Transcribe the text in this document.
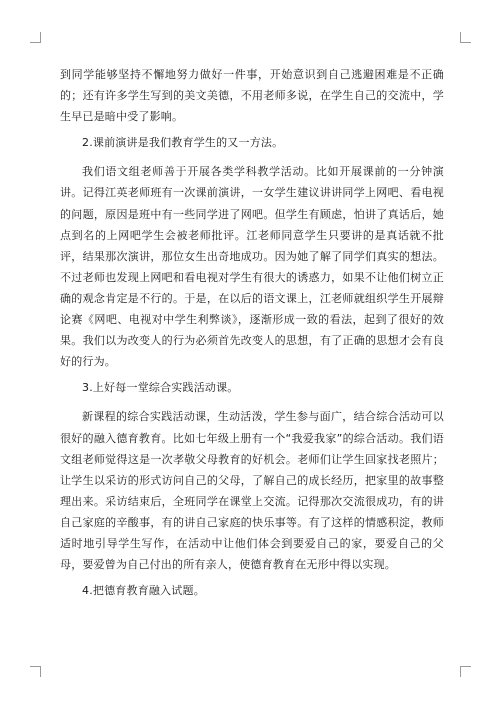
到同学能够坚持不懈地努力做好一件事，开始意识到自己逃避困难是不正确的；还有许多学生写到的美文美德，不用老师多说，在学生自己的交流中，学生早已是暗中受了影响。

2.课前演讲是我们教育学生的又一方法。

我们语文组老师善于开展各类学科教学活动。比如开展课前的一分钟演讲。记得江英老师班有一次课前演讲，一女学生建议讲讲同学上网吧、看电视的问题，原因是班中有一些同学进了网吧。但学生有顾虑，怕讲了真话后，她点到名的上网吧学生会被老师批评。江老师同意学生只要讲的是真话就不批评，结果那次演讲，那位女生出奇地成功。因为她了解了同学们真实的想法。不过老师也发现上网吧和看电视对学生有很大的诱惑力，如果不让他们树立正确的观念肯定是不行的。于是，在以后的语文课上，江老师就组织学生开展辩论赛《网吧、电视对中学生利弊谈》，逐渐形成一致的看法，起到了很好的效果。我们以为改变人的行为必须首先改变人的思想，有了正确的思想才会有良好的行为。

3.上好每一堂综合实践活动课。

新课程的综合实践活动课，生动活泼，学生参与面广，结合综合活动可以很好的融入德育教育。比如七年级上册有一个“我爱我家”的综合活动。我们语文组老师觉得这是一次孝敬父母教育的好机会。老师们让学生回家找老照片；让学生以采访的形式访问自己的父母，了解自己的成长经历，把家里的故事整理出来。采访结束后，全班同学在课堂上交流。记得那次交流很成功，有的讲自己家庭的辛酸事，有的讲自己家庭的快乐事等。有了这样的情感积淀，教师适时地引导学生写作，在活动中让他们体会到要爱自己的家，要爱自己的父母，要爱曾为自己付出的所有亲人，使德育教育在无形中得以实现。

4.把德育教育融入试题。
